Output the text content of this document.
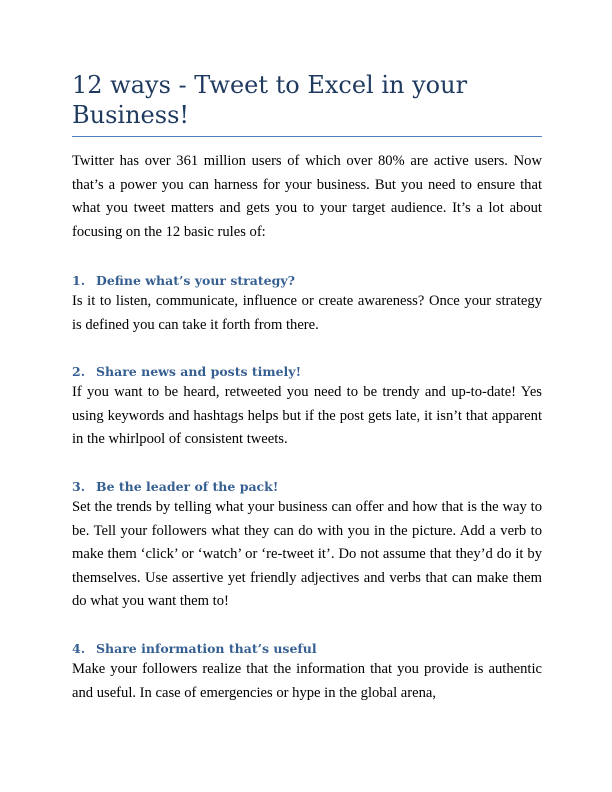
12 ways - Tweet to Excel in your Business!

Twitter has over 361 million users of which over 80% are active users. Now that’s a power you can harness for your business. But you need to ensure that what you tweet matters and gets you to your target audience. It’s a lot about focusing on the 12 basic rules of:

1. Define what’s your strategy?

Is it to listen, communicate, influence or create awareness? Once your strategy is defined you can take it forth from there.

2. Share news and posts timely!

If you want to be heard, retweeted you need to be trendy and up-to-date! Yes using keywords and hashtags helps but if the post gets late, it isn’t that apparent in the whirlpool of consistent tweets.

3. Be the leader of the pack!

Set the trends by telling what your business can offer and how that is the way to be. Tell your followers what they can do with you in the picture. Add a verb to make them ‘click’ or ‘watch’ or ‘re-tweet it’. Do not assume that they’d do it by themselves. Use assertive yet friendly adjectives and verbs that can make them do what you want them to!

4. Share information that’s useful

Make your followers realize that the information that you provide is authentic and useful. In case of emergencies or hype in the global arena,
